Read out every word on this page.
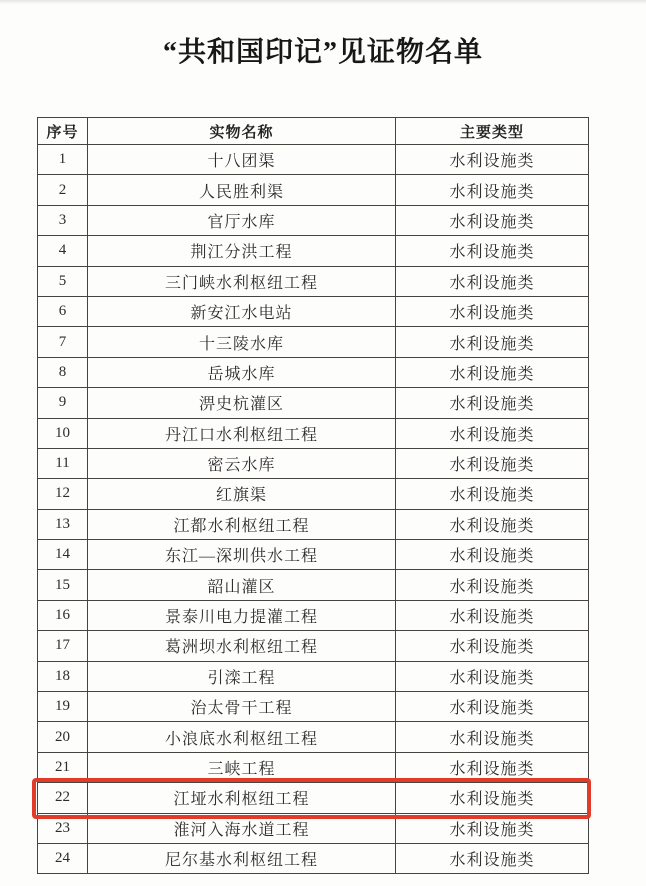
“共和国印记”见证物名单
序号	实物名称	主要类型
1	十八团渠	水利设施类
2	人民胜利渠	水利设施类
3	官厅水库	水利设施类
4	荆江分洪工程	水利设施类
5	三门峡水利枢纽工程	水利设施类
6	新安江水电站	水利设施类
7	十三陵水库	水利设施类
8	岳城水库	水利设施类
9	淠史杭灌区	水利设施类
10	丹江口水利枢纽工程	水利设施类
11	密云水库	水利设施类
12	红旗渠	水利设施类
13	江都水利枢纽工程	水利设施类
14	东江—深圳供水工程	水利设施类
15	韶山灌区	水利设施类
16	景泰川电力提灌工程	水利设施类
17	葛洲坝水利枢纽工程	水利设施类
18	引滦工程	水利设施类
19	治太骨干工程	水利设施类
20	小浪底水利枢纽工程	水利设施类
21	三峡工程	水利设施类
22	江垭水利枢纽工程	水利设施类
23	淮河入海水道工程	水利设施类
24	尼尔基水利枢纽工程	水利设施类
